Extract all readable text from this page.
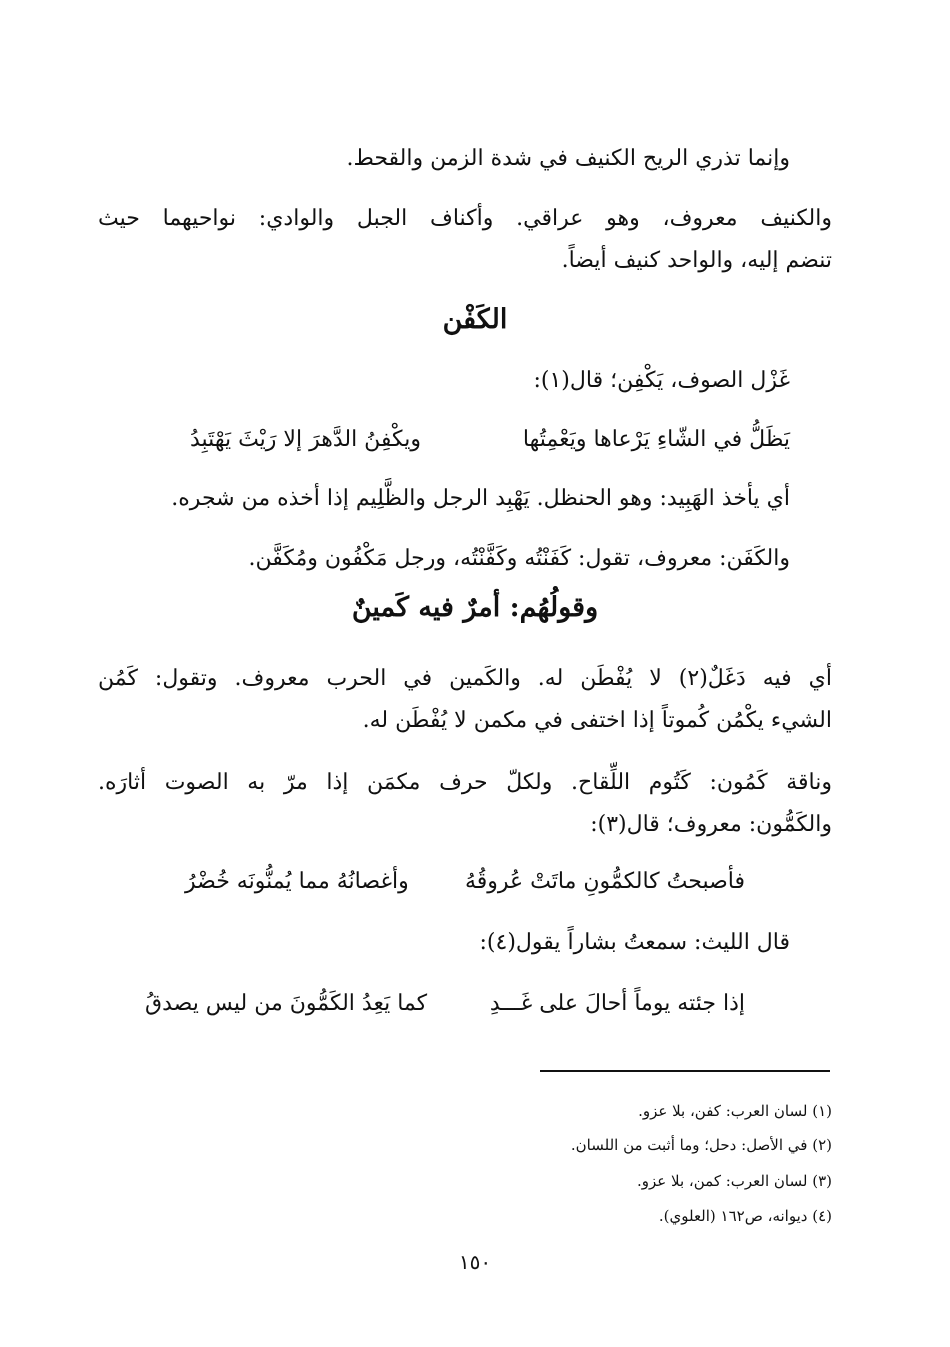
وإنما تذري الريح الكنيف في شدة الزمن والقحط.
والكنيف معروف، وهو عراقي. وأكناف الجبل والوادي: نواحيهما حيث
تنضم إليه، والواحد كنيف أيضاً.
الكَفْن
غَزْل الصوف، يَكْفِن؛ قال(١):
يَظَلُّ في الشّاءِ يَرْعاها ويَعْمِتُها
ويكْفِنُ الدَّهرَ إلا رَيْثَ يَهْتَبِدُ
أي يأخذ الهَبِيد: وهو الحنظل. يَهْبِد الرجل والظَّلِيم إذا أخذه من شجره.
والكَفَن: معروف، تقول: كَفَنْتُه وكَفَّنْتُه، ورجل مَكْفُون ومُكَفَّن.
وقولُهُم: أمرٌ فيه كَمينٌ
أي فيه دَغَلٌ(٢) لا يُفْطَن له. والكَمين في الحرب معروف. وتقول: كَمُن
الشيء يكْمُن كُموتاً إذا اختفى في مكمن لا يُفْطَن له.
وناقة كَمُون: كَتُوم اللِّقاح. ولكلّ حرف مكمَن إذا مرّ به الصوت أثارَه.
والكَمُّون: معروف؛ قال(٣):
فأصبحتُ كالكمُّونِ ماتَتْ عُروقُهُ
وأغصانُهُ مما يُمنُّونَه خُضْرُ
قال الليث: سمعتُ بشاراً يقول(٤):
إذا جئته يوماً أحالَ على غَـــدِ
كما يَعِدُ الكَمُّونَ من ليس يصدقُ
(١) لسان العرب: كفن، بلا عزو.
(٢) في الأصل: دحل؛ وما أثبت من اللسان.
(٣) لسان العرب: كمن، بلا عزو.
(٤) ديوانه، ص١٦٢ (العلوي).
١٥٠
